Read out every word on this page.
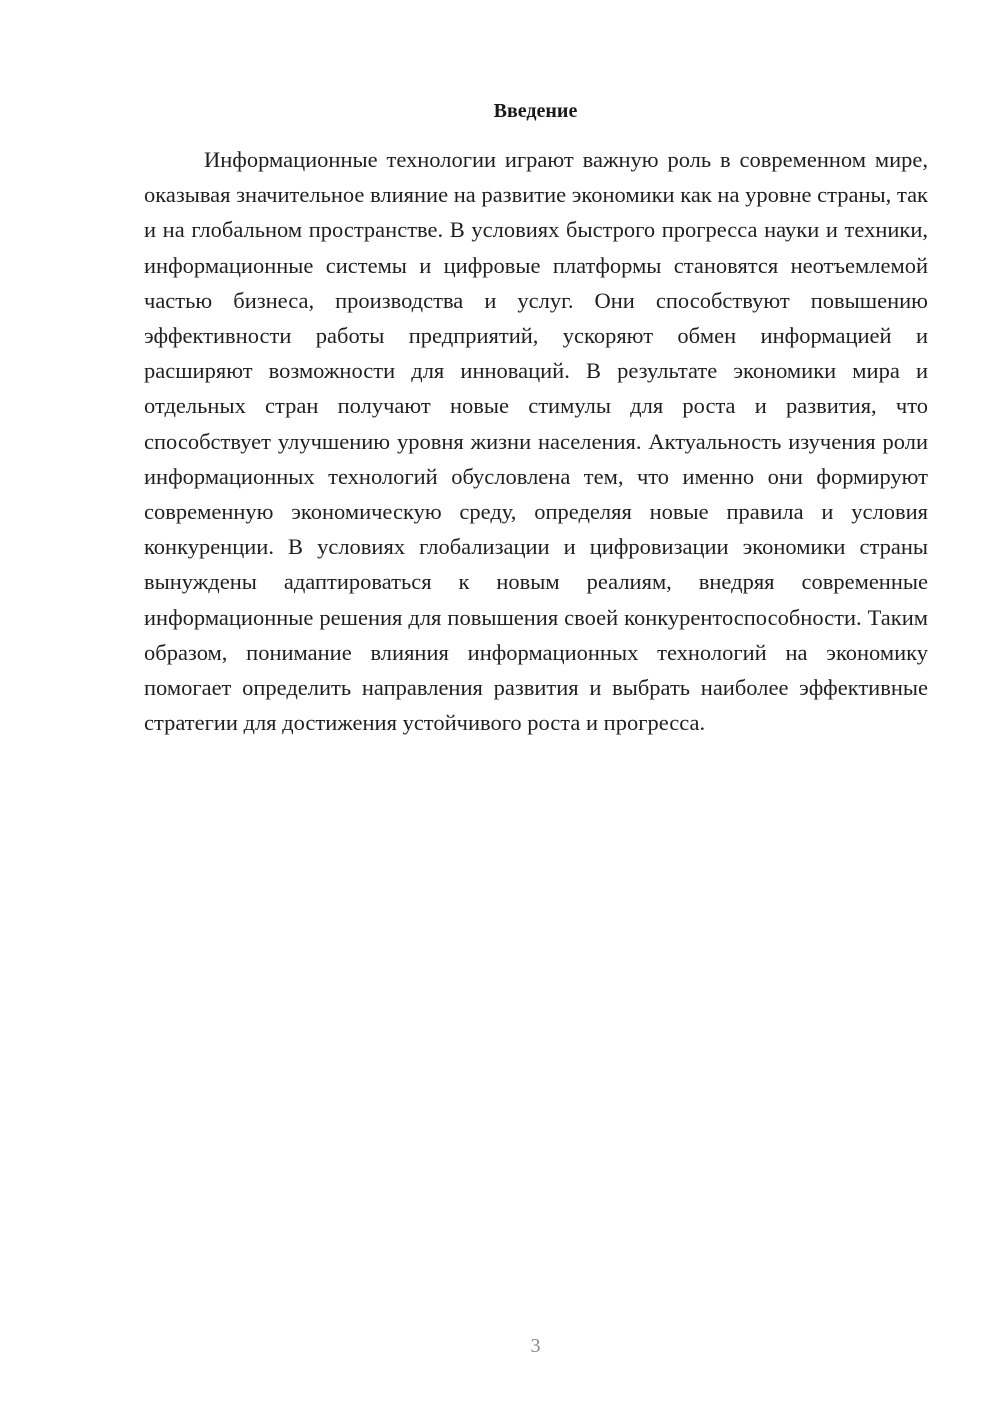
Введение

Информационные технологии играют важную роль в современном мире, оказывая значительное влияние на развитие экономики как на уровне страны, так и на глобальном пространстве. В условиях быстрого прогресса науки и техники, информационные системы и цифровые платформы становятся неотъемлемой частью бизнеса, производства и услуг. Они способствуют повышению эффективности работы предприятий, ускоряют обмен информацией и расширяют возможности для инноваций. В результате экономики мира и отдельных стран получают новые стимулы для роста и развития, что способствует улучшению уровня жизни населения. Актуальность изучения роли информационных технологий обусловлена тем, что именно они формируют современную экономическую среду, определяя новые правила и условия конкуренции. В условиях глобализации и цифровизации экономики страны вынуждены адаптироваться к новым реалиям, внедряя современные информационные решения для повышения своей конкурентоспособности. Таким образом, понимание влияния информационных технологий на экономику помогает определить направления развития и выбрать наиболее эффективные стратегии для достижения устойчивого роста и прогресса.

3
